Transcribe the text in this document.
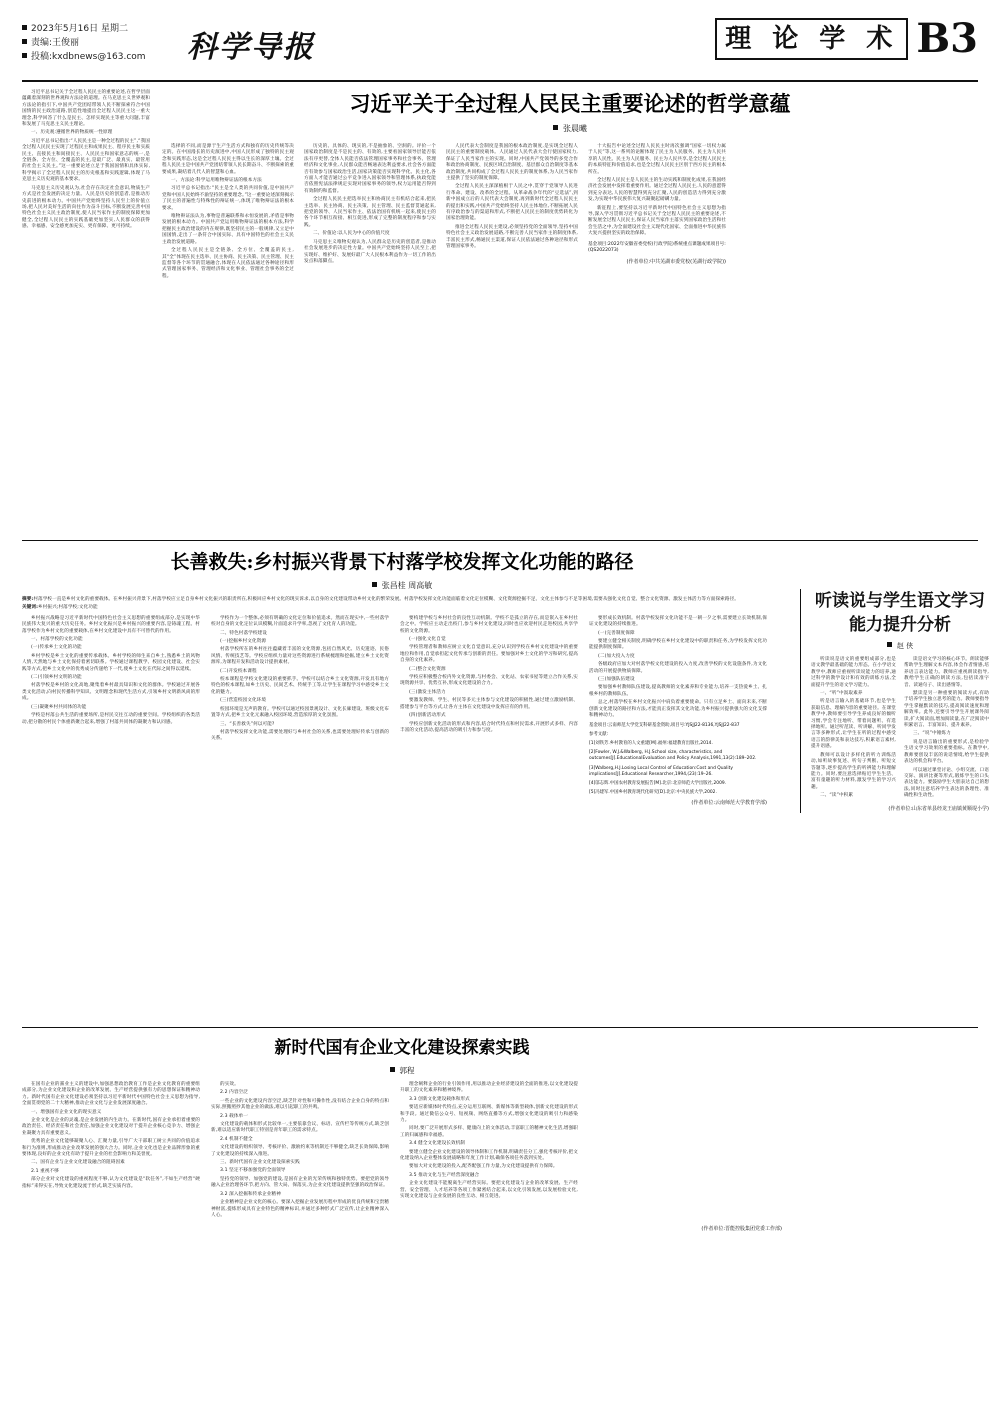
2023年5月16日 星期二
责编:王俊丽
投稿:kxdbnews@163.com 科学导报	理 论 学 术 B3

习近平总书记关于全过程人民民主的重要论述,在哲学层面蕴藏着深刻的世界观和方法论的道理。在马克思主义世界观和方法论的指引下,中国共产党团结带领人民不断探索符合中国国情的民主政治道路,创造性地提出全过程人民民主这一重大理念,科学回答了什么是民主、怎样实现民主等重大问题,丰富和发展了马克思主义民主理论。

一、历史观:遵循世界的物质统一性原理

习近平总书记指出:“人民民主是一种全过程的民主”,“我国全过程人民民主实现了过程民主和成果民主、程序民主和实质民主、直接民主和间接民主、人民民主和国家意志的统一,是全链条、全方位、全覆盖的民主,是最广泛、最真实、最管用的社会主义民主。”这一重要论述立足于我国国情和具体实际,科学揭示了全过程人民民主的历史根基和实践逻辑,体现了马克思主义历史观的基本要求。

马克思主义历史观认为,社会存在决定社会意识,物质生产方式是社会发展的决定力量。人民是历史的创造者,是推动历史前进的根本动力。中国共产党始终坚持人民至上的价值立场,把人民对美好生活的向往作为奋斗目标,不断发展完善中国特色社会主义民主政治制度,使人民当家作主的制度保障更加健全,全过程人民民主的实践基础更加坚实,人民群众的获得感、幸福感、安全感更加充实、更有保障、更可持续。

习近平关于全过程人民民主重要论述的哲学意蕴
张晨曦

选择的不同,而是源于生产生活方式和独有的历史传统等决定的。在中国漫长的历史演进中,中国人民形成了独特的民主观念和实践形态,这是全过程人民民主得以生长的深厚土壤。全过程人民民主是中国共产党团结带领人民长期奋斗、不断探索的重要成果,凝结着几代人的智慧和心血。

一、方法论:科学运用唯物辩证法的根本方法

习近平总书记指出:“民主是全人类的共同价值,是中国共产党和中国人民始终不渝坚持的重要理念。”这一重要论述深刻揭示了民主的普遍性与特殊性的辩证统一,体现了唯物辩证法的根本要求。

唯物辩证法认为,事物是普遍联系和永恒发展的,矛盾是事物发展的根本动力。中国共产党运用唯物辩证法的根本方法,科学把握民主政治建设的内在规律,既坚持民主的一般规律,又立足中国国情,走出了一条符合中国实际、具有中国特色的社会主义民主政治发展道路。

全过程人民民主是全链条、全方位、全覆盖的民主,其“全”体现在民主选举、民主协商、民主决策、民主管理、民主监督等各个环节的贯通融合,体现在人民依法通过各种途径和形式管理国家事务、管理经济和文化事业、管理社会事务的全过程。

历史的、具体的、现实的,不是抽象的、空洞的。评价一个国家政治制度是不是民主的、有效的,主要看国家领导层能否依法有序更替,全体人民能否依法管理国家事务和社会事务、管理经济和文化事业,人民群众能否畅通表达利益要求,社会各方面能否有效参与国家政治生活,国家决策能否实现科学化、民主化,各方面人才能否通过公平竞争进入国家领导和管理体系,执政党能否依照宪法法律规定实现对国家事务的领导,权力运用能否得到有效制约和监督。

全过程人民民主把选举民主和协商民主有机结合起来,把民主选举、民主协商、民主决策、民主管理、民主监督贯通起来,把党的领导、人民当家作主、依法治国有机统一起来,使民主的各个环节相互衔接、相互促进,形成了完整的制度程序和参与实践。

二、价值论:以人民为中心的价值尺度

马克思主义唯物史观认为,人民群众是历史的创造者,是推动社会发展进步的决定性力量。中国共产党始终坚持人民至上,把实现好、维护好、发展好最广大人民根本利益作为一切工作的出发点和落脚点。

人民代表大会制度是我国的根本政治制度,是实现全过程人民民主的重要制度载体。人民通过人民代表大会行使国家权力,保证了人民当家作主的实现。同时,中国共产党领导的多党合作和政治协商制度、民族区域自治制度、基层群众自治制度等基本政治制度,共同构成了全过程人民民主的制度体系,为人民当家作主提供了坚实的制度保障。

全过程人民民主深深植根于人民之中,贯穿于党领导人民进行革命、建设、改革的全过程。从革命战争年代的“豆选法”,到新中国成立后的人民代表大会制度,再到新时代全过程人民民主的提出和实践,中国共产党始终坚持人民主体地位,不断拓展人民有序政治参与的渠道和形式,不断把人民民主的制度优势转化为国家治理效能。

推进全过程人民民主建设,必须坚持党的全面领导,坚持中国特色社会主义政治发展道路,不断完善人民当家作主的制度体系,丰富民主形式,畅通民主渠道,保证人民依法通过各种途径和形式管理国家事务。

十大报告中论述全过程人民民主时再次强调“国家一切权力属于人民”等,这一系列的论断体现了民主为人民服务、民主为人民共享的人民性。民主为人民服务、民主为人民共享,是全过程人民民主的本质特征和价值追求,也是全过程人民民主区别于西方民主的根本所在。

全过程人民民主是人民民主的生动实践和制度化成果,在我国经济社会发展中发挥着重要作用。通过全过程人民民主,人民的意愿得到充分表达,人民的智慧得到充分汇聚,人民的创造活力得到充分激发,为实现中华民族伟大复兴凝聚起磅礴力量。

新征程上,要坚持以习近平新时代中国特色社会主义思想为指导,深入学习贯彻习近平总书记关于全过程人民民主的重要论述,不断发展全过程人民民主,保证人民当家作主落实到国家政治生活和社会生活之中,为全面建设社会主义现代化国家、全面推进中华民族伟大复兴提供坚实的政治保障。

基金项目:2022年安徽省委党校(行政学院)系统重点课题成果项目号:(QS2022073)
(作者单位:中共芜湖市委党校(芜湖行政学院))
长善救失:乡村振兴背景下村落学校发挥文化功能的路径
张昌桂 周高敏

摘要:村落学校一直是乡村文化的重要载体。在乡村振兴背景下,村落学校应立足自身乡村文化振兴的职责所在,积极回应乡村文化的现实诉求,以自身的文化建设带动乡村文化的繁荣发展。村落学校发挥文化功能面临着文化定位模糊、文化资源挖掘不足、文化主体参与不足等困境,需要从强化文化自觉、整合文化资源、激发主体活力等方面探索路径。

关键词:乡村振兴;村落学校;文化功能

乡村振兴战略是习近平新时代中国特色社会主义思想的重要组成部分,是实现中华民族伟大复兴的重大历史任务。乡村文化振兴是乡村振兴的重要内容,是铸魂工程。村落学校作为乡村文化的重要载体,在乡村文化建设中具有不可替代的作用。

一、村落学校的文化功能

(一)传承乡土文化的功能

乡村学校是乡土文化的重要传承载体。乡村学校的师生来自乡土,熟悉乡土的风物人情,天然地与乡土文化保持着密切联系。学校通过课程教学、校园文化建设、社会实践等方式,把乡土文化中的优秀成分传递给下一代,使乡土文化在代际之间得以延续。

(二)引领乡村文明的功能

村落学校是乡村的文化高地,聚集着乡村最具知识和文化的群体。学校通过开展各类文化活动,向村民传播科学知识、文明理念和现代生活方式,引领乡村文明新风尚的形成。

(三)凝聚乡村共同体的功能

学校是村落公共生活的重要场所,是村民交往互动的重要空间。学校组织的各类活动,把分散的村民个体重新聚合起来,增强了村落共同体的凝聚力和认同感。

学校作为一个整体,必须有明确的文化定位和价值追求。然而在现实中,一些村落学校对自身的文化定位认识模糊,片面追求升学率,忽视了文化育人的功能。

二、特色村落学校建设

(一)挖掘乡村文化资源

村落学校所在的乡村往往蕴藏着丰富的文化资源,包括自然风光、历史遗迹、民俗风情、传统技艺等。学校应组织力量对这些资源进行系统梳理和挖掘,建立乡土文化资源库,为课程开发和活动设计提供素材。

(二)开发校本课程

校本课程是学校文化建设的重要抓手。学校可以结合乡土文化资源,开发具有地方特色的校本课程,如乡土历史、民间艺术、传统手工等,让学生在课程学习中感受乡土文化的魅力。

(三)营造校园文化环境

校园环境是无声的教育。学校可以通过校园景观设计、文化长廊建设、班级文化布置等方式,把乡土文化元素融入校园环境,营造浓厚的文化氛围。

三、“长善救失”何以可能?

村落学校发挥文化功能,需要处理好与乡村社会的关系,也需要处理好传承与创新的关系。

要构建学校与乡村社会的良性互动机制。学校不是孤立的存在,而是嵌入在乡村社会之中。学校应主动走出校门,参与乡村文化建设,同时也应欢迎村民走进校园,共享学校的文化资源。

(一)强化文化自觉

学校管理者和教师应树立文化自觉意识,充分认识到学校在乡村文化建设中的重要地位和作用,自觉承担起文化传承与创新的责任。要加强对乡土文化的学习和研究,提高自身的文化素养。

(二)整合文化资源

学校应积极整合校内外文化资源,与村委会、文化站、农家书屋等建立合作关系,实现资源共享、优势互补,形成文化建设的合力。

(三)激发主体活力

要激发教师、学生、村民等多元主体参与文化建设的积极性,通过建立激励机制、搭建参与平台等方式,让各方主体在文化建设中发挥应有的作用。

(四)创新活动形式

学校应创新文化活动的形式和内容,结合时代特点和村民需求,开展形式多样、内容丰富的文化活动,提高活动的吸引力和参与度。

要形成长效机制。村落学校发挥文化功能不是一朝一夕之事,需要建立长效机制,保证文化建设的持续推进。

(一)完善制度保障

要建立健全相关制度,明确学校在乡村文化建设中的职责和任务,为学校发挥文化功能提供制度保障。

(二)加大投入力度

各级政府应加大对村落学校文化建设的投入力度,改善学校的文化设施条件,为文化活动的开展提供物质保障。

(三)加强队伍建设

要加强乡村教师队伍建设,提高教师的文化素养和专业能力,培养一支热爱乡土、扎根乡村的教师队伍。

总之,村落学校在乡村文化振兴中肩负着重要使命。只有立足乡土、面向未来,不断创新文化建设的路径和方法,才能真正发挥其文化功能,为乡村振兴提供强大的文化支撑和精神动力。

基金项目:云南师范大学党支科研基金资助,项目号:YJSJJ22-8136,YJSJJ22-837
参考文献:
[1]刘铁芳.乡村教育的人文重建[M].福州:福建教育出版社,2014.
[2]Fowler, W.J.&Walberg, H.J.School size, characteristics, and outcomes[J].EducationalEvaluation and Policy Analysis,1991,13(2):189–202.
[3]Walberg,H.J.Losing Local Control of Education:Cost and Quality implications[J].Educational Researcher,1994,(23):19–26.
[4]邬志辉.中国农村教育发展报告[M].北京:北京师范大学出版社,2009.
[5]冯建军.中国乡村教育现代化研究[D].北京:中央民族大学,2002.
(作者单位:云南师范大学教育学部)
听读说与学生语文学习能力提升分析
赵 侠

听读说是语文的重要组成部分,也是语文教学最基础的能力形态。在小学语文教学中,教师应重视听读说能力的培养,通过科学的教学设计和有效的训练方法,全面提升学生的语文学习能力。

一、“听”中汲取素养

听是语言输入的基础环节,也是学生获取信息、理解内容的重要途径。在课堂教学中,教师要引导学生养成良好的倾听习惯,学会专注地听、带着问题听、有选择地听。通过听范读、听讲解、听同学发言等多种形式,让学生在听的过程中感受语言的韵律美和表达技巧,积累语言素材,提升语感。

教师可以设计多样化的听力训练活动,如听故事复述、听句子判断、听短文答题等,逐步提高学生的听辨能力和理解能力。同时,要注意选择贴近学生生活、富有童趣的听力材料,激发学生的学习兴趣。

二、“读”中积累

读是语文学习的核心环节。朗读能够帮助学生理解文本内容,体会作者情感,培养语言表达能力。教师应重视朗读指导,教给学生正确的朗读方法,包括读准字音、读通句子、读出感情等。

默读是另一种重要的阅读方式,有助于培养学生独立思考的能力。教师要指导学生掌握默读的技巧,提高阅读速度和理解效率。此外,还要引导学生开展课外阅读,扩大阅读面,增加阅读量,在广泛阅读中积累语言、丰富知识、提升素养。

三、“说”中锤炼力

说是语言输出的重要形式,是检验学生语文学习效果的重要指标。在教学中,教师要创设丰富的说话情境,给学生提供表达的机会和平台。

可以通过课堂讨论、小组交流、口语交际、演讲比赛等形式,锻炼学生的口头表达能力。要鼓励学生大胆表达自己的想法,同时注意培养学生表达的条理性、准确性和生动性。

(作者单位:山东省单县经龙王庙镇黄顺堤小学)
新时代国有企业文化建设探索实践
郭程

在国有企业的黨业主义的建设中,加强思想政治教育工作是企业文化教育的重要组成部分,为企业文化建设和企业的改革发展、生产经营提供强有力的思想保证和精神动力。新时代国有企业文化建设必须坚持以习近平新时代中国特色社会主义思想为指导,全面贯彻党的二十大精神,推动企业文化与企业发展深度融合。

一、增强国有企业文化的现实意义

企业文化是企业的灵魂,是企业发展的内生动力。在新时代,国有企业承担着重要的政治责任、经济责任和社会责任,加强企业文化建设对于提升企业核心竞争力、增强企业凝聚力具有重要意义。

优秀的企业文化能够凝聚人心、汇聚力量,引导广大干部职工树立共同的价值追求和行为准则,形成推动企业改革发展的强大合力。同时,企业文化也是企业品牌形象的重要体现,良好的企业文化有助于提升企业的社会影响力和美誉度。

二、国有企业与企业文化建设融合的阻碍因素

2.1 重视不够

部分企业对文化建设的重视程度不够,认为文化建设是“软任务”,不如生产经营“硬指标”来得实在,导致文化建设流于形式,缺乏实质内容。

的实效。

2.2 内容空泛

一些企业的文化建设内容空泛,缺乏针对性和可操作性,没有结合企业自身的特点和实际,照搬照抄其他企业的做法,难以引起职工的共鸣。

2.3 载体单一

文化建设的载体和形式比较单一,主要依靠会议、标语、宣传栏等传统方式,缺乏创新,难以适应新时代职工特别是青年职工的需求特点。

2.4 机制不健全

文化建设的组织领导、考核评价、激励约束等机制还不够健全,缺乏长效保障,影响了文化建设的持续深入推进。

三、新时代国有企业文化建设探索实践

3.1 坚定不移加强党的全面领导

坚持党的领导、加强党的建设,是国有企业的光荣传统和独特优势。要把党的领导融入企业治理各环节,把方向、管大局、保落实,为企业文化建设提供坚强的政治保证。

3.2 深入挖掘和传承企业精神

企业精神是企业文化的核心。要深入挖掘企业发展历程中形成的优良传统和宝贵精神财富,提炼形成具有企业特色的精神标识,并通过多种形式广泛宣传,让企业精神深入人心。

理念阐释企业的行业引领作用,用以推动企业经济建设的全面的推进,以文化建设提升职工的文化素养和精神境界。

3.3 创新文化建设载体和形式

要适应新媒体时代特点,充分运用互联网、新媒体等新型载体,创新文化建设的形式和手段。通过微信公众号、短视频、网络直播等方式,增强文化建设的吸引力和感染力。

同时,要广泛开展形式多样、健康向上的文体活动,丰富职工的精神文化生活,增强职工的归属感和幸福感。

3.4 健全文化建设长效机制

要建立健全企业文化建设的领导体制和工作机制,明确责任分工,强化考核评价,把文化建设纳入企业整体发展战略和年度工作计划,确保各项任务落到实处。

要加大对文化建设的投入,配齐配强工作力量,为文化建设提供有力保障。

3.5 推动文化与生产经营深度融合

企业文化建设不能脱离生产经营实际。要把文化建设与企业的改革发展、生产经营、安全管理、人才培养等各项工作紧密结合起来,以文化引领发展,以发展检验文化,实现文化建设与企业发展的良性互动、相互促进。

(作者单位:晋能控股集团党委工作部)
